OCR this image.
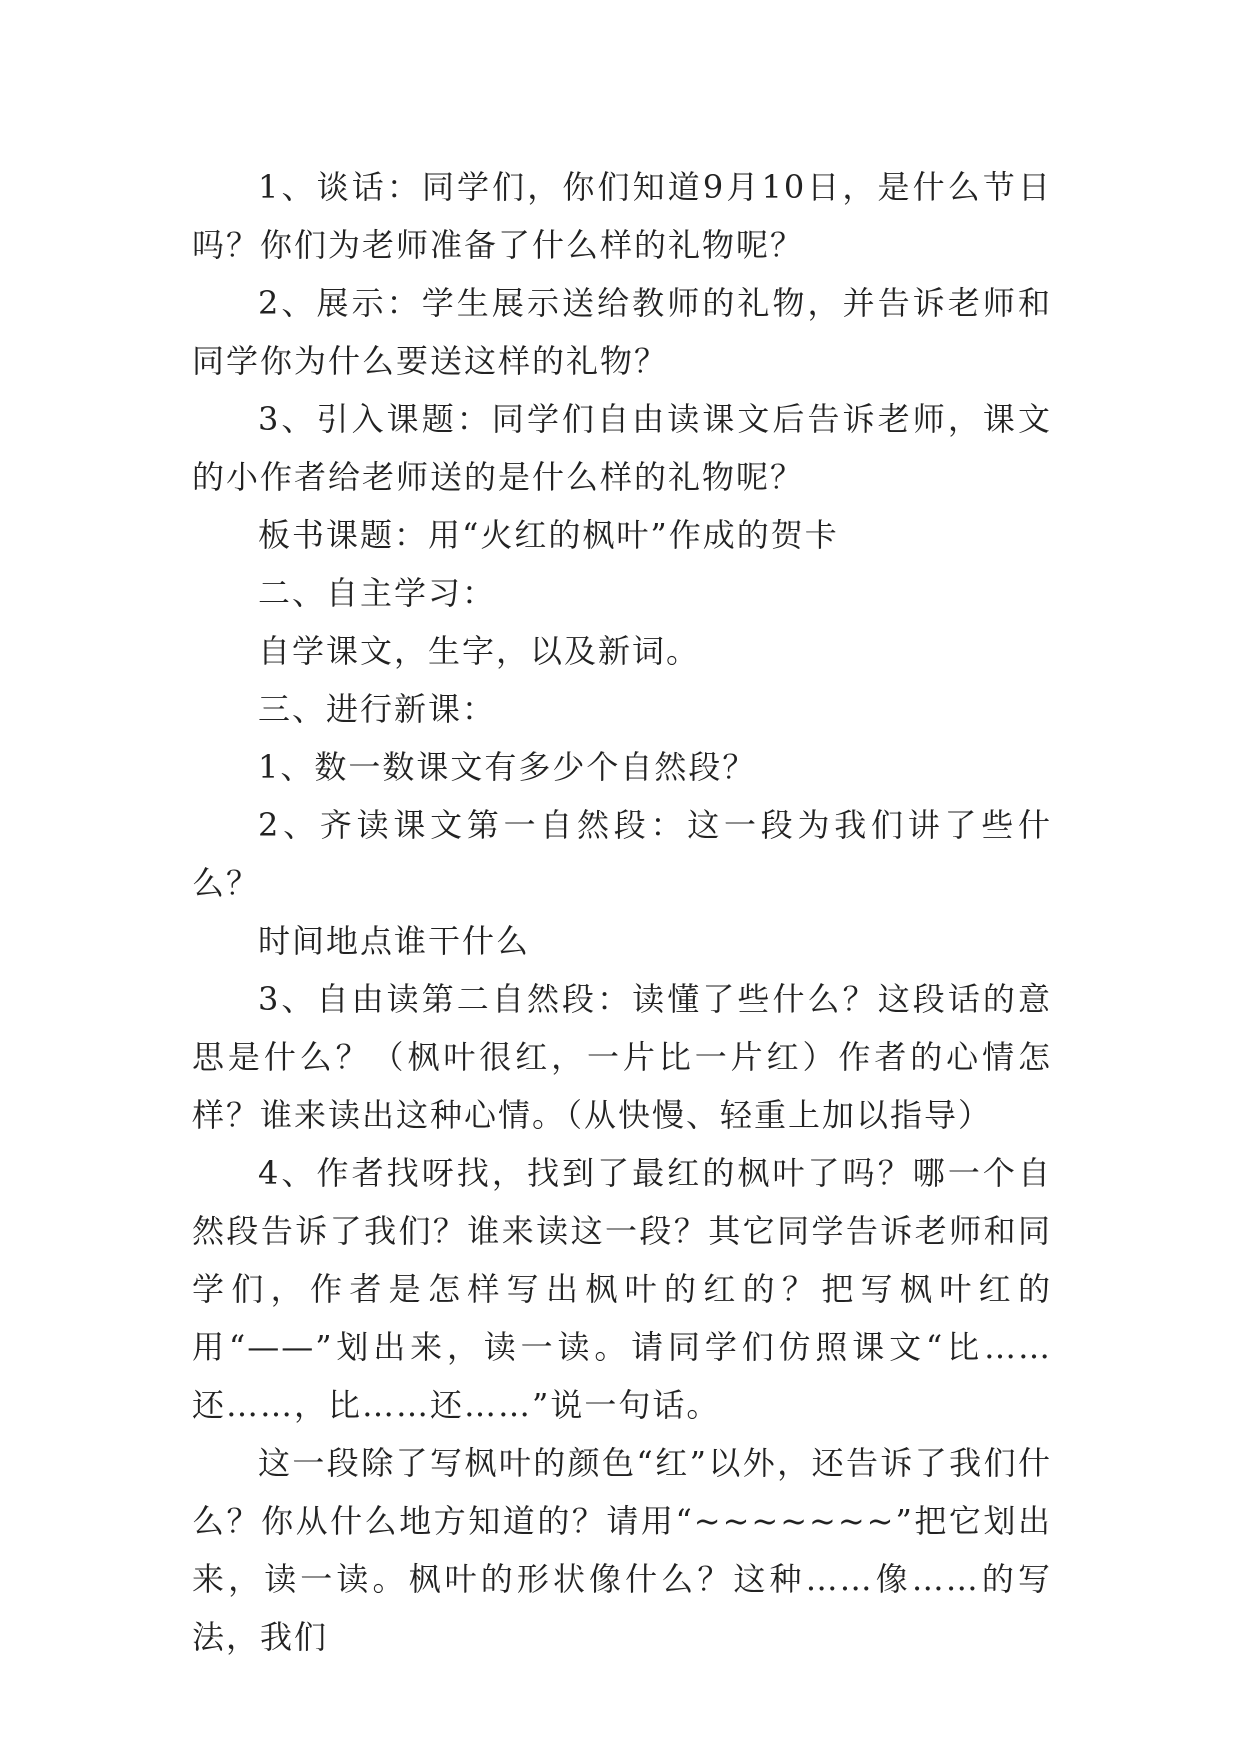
1、谈话：同学们，你们知道9月10日，是什么节日吗？你们为老师准备了什么样的礼物呢？

2、展示：学生展示送给教师的礼物，并告诉老师和同学你为什么要送这样的礼物？

3、引入课题：同学们自由读课文后告诉老师，课文的小作者给老师送的是什么样的礼物呢？

板书课题：用“火红的枫叶”作成的贺卡

二、自主学习：

自学课文，生字，以及新词。

三、进行新课：

1、数一数课文有多少个自然段？

2、齐读课文第一自然段：这一段为我们讲了些什么？

时间地点谁干什么

3、自由读第二自然段：读懂了些什么？这段话的意思是什么？（枫叶很红，一片比一片红）作者的心情怎样？谁来读出这种心情。（从快慢、轻重上加以指导）

4、作者找呀找，找到了最红的枫叶了吗？哪一个自然段告诉了我们？谁来读这一段？其它同学告诉老师和同学们，作者是怎样写出枫叶的红的？把写枫叶红的用“——”划出来，读一读。请同学们仿照课文“比……还……，比……还……”说一句话。

这一段除了写枫叶的颜色“红”以外，还告诉了我们什么？你从什么地方知道的？请用“~~~~~~~”把它划出来，读一读。枫叶的形状像什么？这种……像……的写法，我们
